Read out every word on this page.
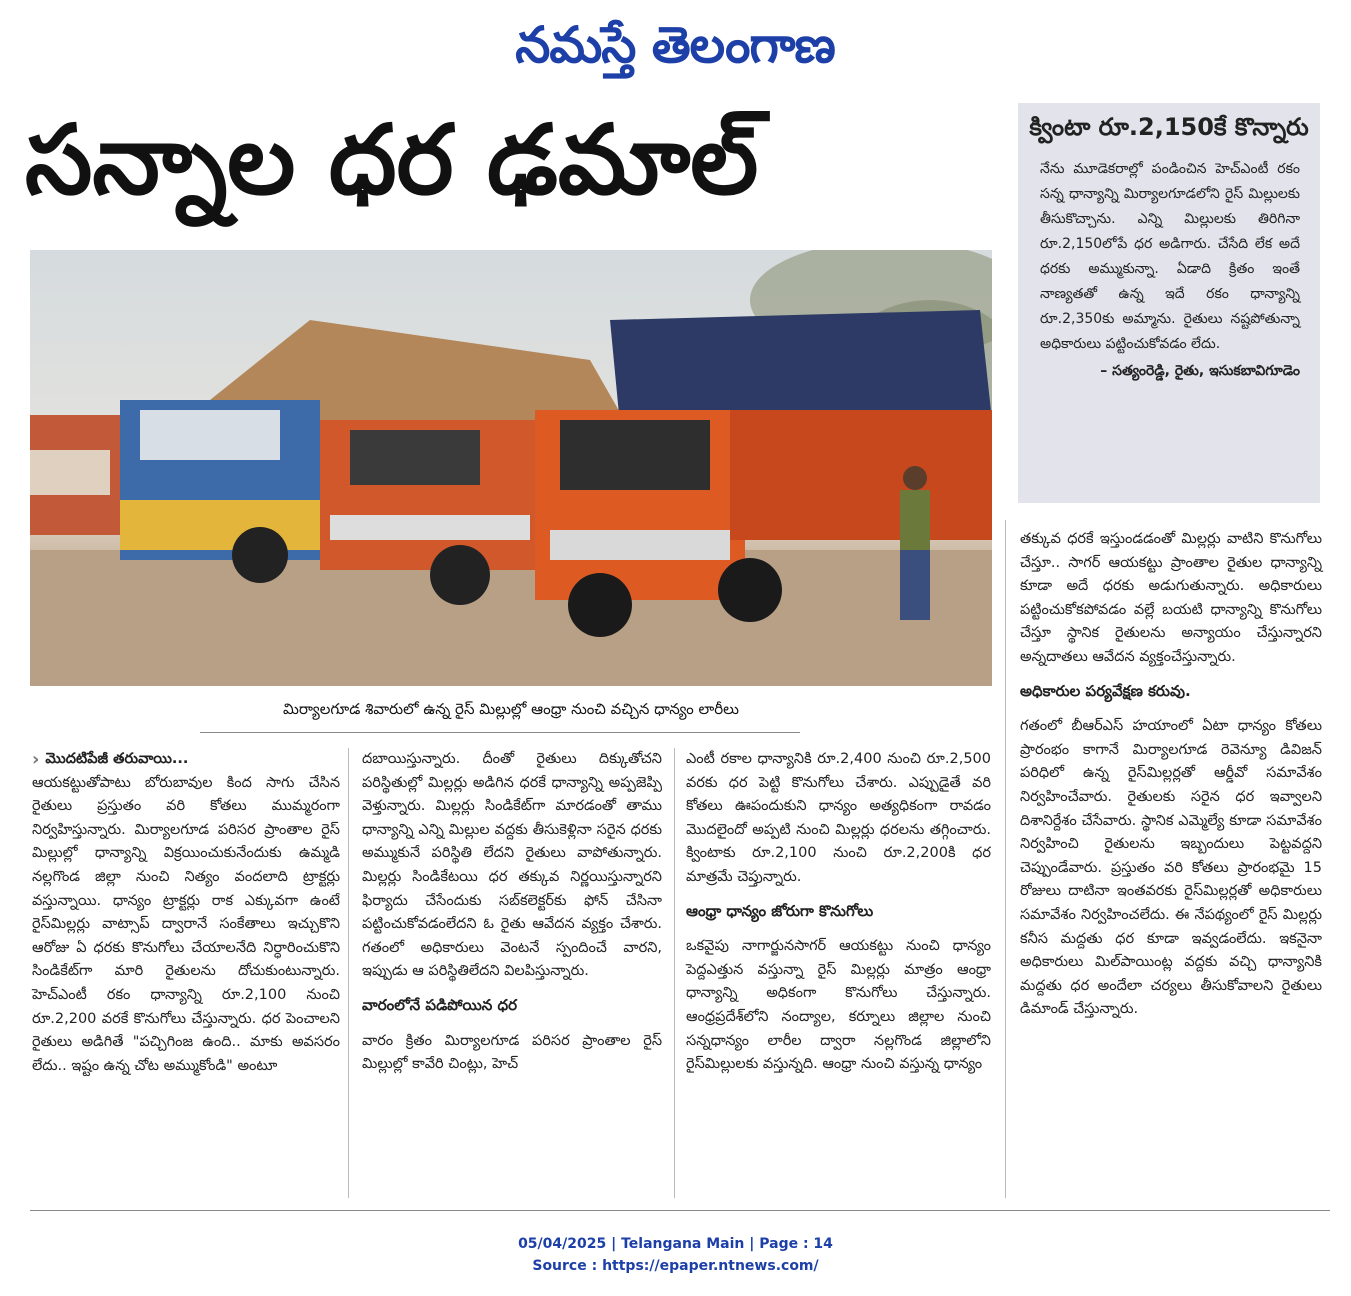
నమస్తే తెలంగాణ
సన్నాల ధర ఢమాల్
మిర్యాలగూడ శివారులో ఉన్న రైస్ మిల్లుల్లో ఆంధ్రా నుంచి వచ్చిన ధాన్యం లారీలు
క్వింటా రూ.2,150కే కొన్నారు
నేను మూడెకరాల్లో పండించిన హెచ్ఎంటీ రకం సన్న ధాన్యాన్ని మిర్యాలగూడలోని రైస్ మిల్లులకు తీసుకొచ్చాను. ఎన్ని మిల్లులకు తిరిగినా రూ.2,150లోపే ధర అడిగారు. చేసేది లేక అదే ధరకు అమ్ముకున్నా. ఏడాది క్రితం ఇంతే నాణ్యతతో ఉన్న ఇదే రకం ధాన్యాన్ని రూ.2,350కు అమ్మాను. రైతులు నష్టపోతున్నా అధికారులు పట్టించుకోవడం లేదు.
– సత్యంరెడ్డి, రైతు, ఇసుకబావిగూడెం
› మొదటిపేజీ తరువాయి...

ఆయకట్టుతోపాటు బోరుబావుల కింద సాగు చేసిన రైతులు ప్రస్తుతం వరి కోతలు ముమ్మరంగా నిర్వహిస్తున్నారు. మిర్యాలగూడ పరిసర ప్రాంతాల రైస్ మిల్లుల్లో ధాన్యాన్ని విక్రయించుకునేందుకు ఉమ్మడి నల్లగొండ జిల్లా నుంచి నిత్యం వందలాది ట్రాక్టర్లు వస్తున్నాయి. ధాన్యం ట్రాక్టర్లు రాక ఎక్కువగా ఉంటే రైస్‌మిల్లర్లు వాట్సాప్ ద్వారానే సంకేతాలు ఇచ్చుకొని ఆరోజు ఏ ధరకు కొనుగోలు చేయాలనేది నిర్ధారించుకొని సిండికేట్‌గా మారి రైతులను దోచుకుంటున్నారు. హెచ్ఎంటీ రకం ధాన్యాన్ని రూ.2,100 నుంచి రూ.2,200 వరకే కొనుగోలు చేస్తున్నారు. ధర పెంచాలని రైతులు అడిగితే "పచ్చిగింజ ఉంది.. మాకు అవసరం లేదు.. ఇష్టం ఉన్న చోట అమ్ముకోండి" అంటూ

దబాయిస్తున్నారు. దీంతో రైతులు దిక్కుతోచని పరిస్థితుల్లో మిల్లర్లు అడిగిన ధరకే ధాన్యాన్ని అప్పజెప్పి వెళ్తున్నారు. మిల్లర్లు సిండికేట్‌గా మారడంతో తాము ధాన్యాన్ని ఎన్ని మిల్లుల వద్దకు తీసుకెళ్లినా సరైన ధరకు అమ్ముకునే పరిస్థితి లేదని రైతులు వాపోతున్నారు. మిల్లర్లు సిండికేటయి ధర తక్కువ నిర్ణయిస్తున్నారని ఫిర్యాదు చేసేందుకు సబ్‌కలెక్టర్‌కు ఫోన్ చేసినా పట్టించుకోవడంలేదని ఓ రైతు ఆవేదన వ్యక్తం చేశారు. గతంలో అధికారులు వెంటనే స్పందించే వారని, ఇప్పుడు ఆ పరిస్థితిలేదని విలపిస్తున్నారు.

వారంలోనే పడిపోయిన ధర

వారం క్రితం మిర్యాలగూడ పరిసర ప్రాంతాల రైస్ మిల్లుల్లో కావేరి చింట్లు, హెచ్

ఎంటీ రకాల ధాన్యానికి రూ.2,400 నుంచి రూ.2,500 వరకు ధర పెట్టి కొనుగోలు చేశారు. ఎప్పుడైతే వరి కోతలు ఊపందుకుని ధాన్యం అత్యధికంగా రావడం మొదలైందో అప్పటి నుంచి మిల్లర్లు ధరలను తగ్గించారు. క్వింటాకు రూ.2,100 నుంచి రూ.2,200కి ధర మాత్రమే చెప్తున్నారు.

ఆంధ్రా ధాన్యం జోరుగా కొనుగోలు

ఒకవైపు నాగార్జునసాగర్ ఆయకట్టు నుంచి ధాన్యం పెద్దఎత్తున వస్తున్నా రైస్ మిల్లర్లు మాత్రం ఆంధ్రా ధాన్యాన్ని అధికంగా కొనుగోలు చేస్తున్నారు. ఆంధ్రప్రదేశ్‌లోని నంద్యాల, కర్నూలు జిల్లాల నుంచి సన్నధాన్యం లారీల ద్వారా నల్లగొండ జిల్లాలోని రైస్‌మిల్లులకు వస్తున్నది. ఆంధ్రా నుంచి వస్తున్న ధాన్యం

తక్కువ ధరకే ఇస్తుండడంతో మిల్లర్లు వాటిని కొనుగోలు చేస్తూ.. సాగర్ ఆయకట్టు ప్రాంతాల రైతుల ధాన్యాన్ని కూడా అదే ధరకు అడుగుతున్నారు. అధికారులు పట్టించుకోకపోవడం వల్లే బయటి ధాన్యాన్ని కొనుగోలు చేస్తూ స్థానిక రైతులను అన్యాయం చేస్తున్నారని అన్నదాతలు ఆవేదన వ్యక్తంచేస్తున్నారు.

అధికారుల పర్యవేక్షణ కరువు.

గతంలో బీఆర్ఎస్ హయాంలో ఏటా ధాన్యం కోతలు ప్రారంభం కాగానే మిర్యాలగూడ రెవెన్యూ డివిజన్ పరిధిలో ఉన్న రైస్‌మిల్లర్లతో ఆర్డీవో సమావేశం నిర్వహించేవారు. రైతులకు సరైన ధర ఇవ్వాలని దిశానిర్దేశం చేసేవారు. స్థానిక ఎమ్మెల్యే కూడా సమావేశం నిర్వహించి రైతులను ఇబ్బందులు పెట్టవద్దని చెప్పుండేవారు. ప్రస్తుతం వరి కోతలు ప్రారంభమై 15 రోజులు దాటినా ఇంతవరకు రైస్‌మిల్లర్లతో అధికారులు సమావేశం నిర్వహించలేదు. ఈ నేపథ్యంలో రైస్ మిల్లర్లు కనీస మద్దతు ధర కూడా ఇవ్వడంలేదు. ఇకనైనా అధికారులు మిల్‌పాయింట్ల వద్దకు వచ్చి ధాన్యానికి మద్దతు ధర అందేలా చర్యలు తీసుకోవాలని రైతులు డిమాండ్ చేస్తున్నారు.

05/04/2025 | Telangana Main | Page : 14
Source : https://epaper.ntnews.com/
